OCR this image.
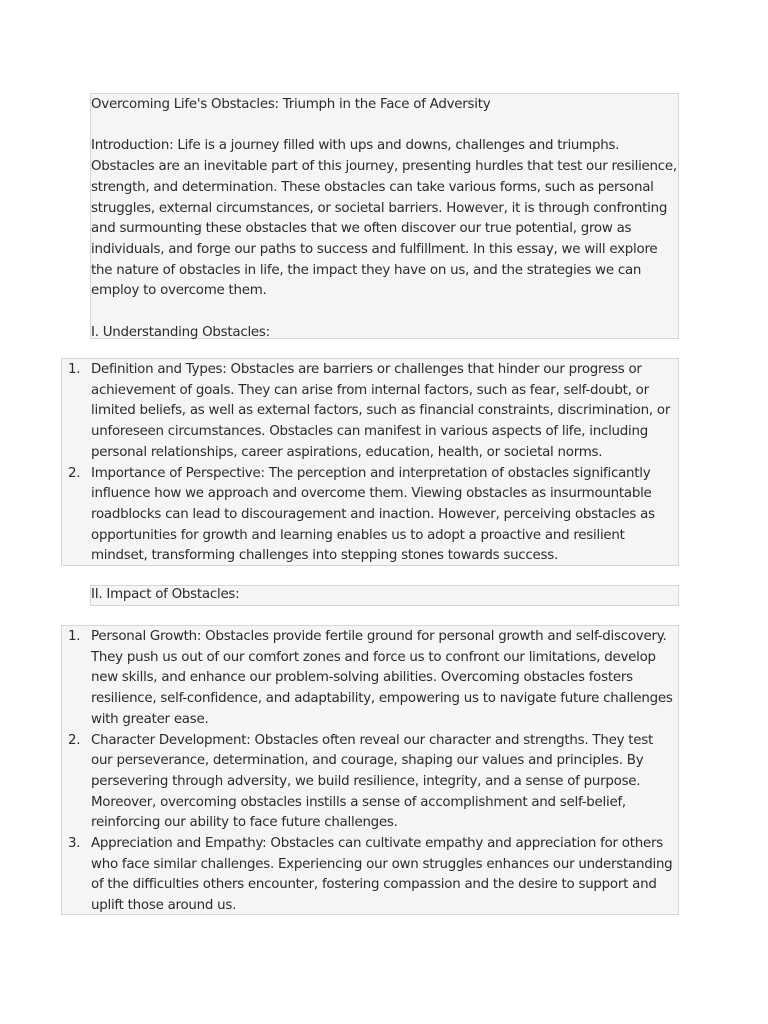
Overcoming Life's Obstacles: Triumph in the Face of Adversity

Introduction: Life is a journey filled with ups and downs, challenges and triumphs. Obstacles are an inevitable part of this journey, presenting hurdles that test our resilience, strength, and determination. These obstacles can take various forms, such as personal struggles, external circumstances, or societal barriers. However, it is through confronting and surmounting these obstacles that we often discover our true potential, grow as individuals, and forge our paths to success and fulfillment. In this essay, we will explore the nature of obstacles in life, the impact they have on us, and the strategies we can employ to overcome them.

I. Understanding Obstacles:

1. Definition and Types: Obstacles are barriers or challenges that hinder our progress or achievement of goals. They can arise from internal factors, such as fear, self-doubt, or limited beliefs, as well as external factors, such as financial constraints, discrimination, or unforeseen circumstances. Obstacles can manifest in various aspects of life, including personal relationships, career aspirations, education, health, or societal norms.
2. Importance of Perspective: The perception and interpretation of obstacles significantly influence how we approach and overcome them. Viewing obstacles as insurmountable roadblocks can lead to discouragement and inaction. However, perceiving obstacles as opportunities for growth and learning enables us to adopt a proactive and resilient mindset, transforming challenges into stepping stones towards success.

II. Impact of Obstacles:

1. Personal Growth: Obstacles provide fertile ground for personal growth and self-discovery. They push us out of our comfort zones and force us to confront our limitations, develop new skills, and enhance our problem-solving abilities. Overcoming obstacles fosters resilience, self-confidence, and adaptability, empowering us to navigate future challenges with greater ease.
2. Character Development: Obstacles often reveal our character and strengths. They test our perseverance, determination, and courage, shaping our values and principles. By persevering through adversity, we build resilience, integrity, and a sense of purpose. Moreover, overcoming obstacles instills a sense of accomplishment and self-belief, reinforcing our ability to face future challenges.
3. Appreciation and Empathy: Obstacles can cultivate empathy and appreciation for others who face similar challenges. Experiencing our own struggles enhances our understanding of the difficulties others encounter, fostering compassion and the desire to support and uplift those around us.
